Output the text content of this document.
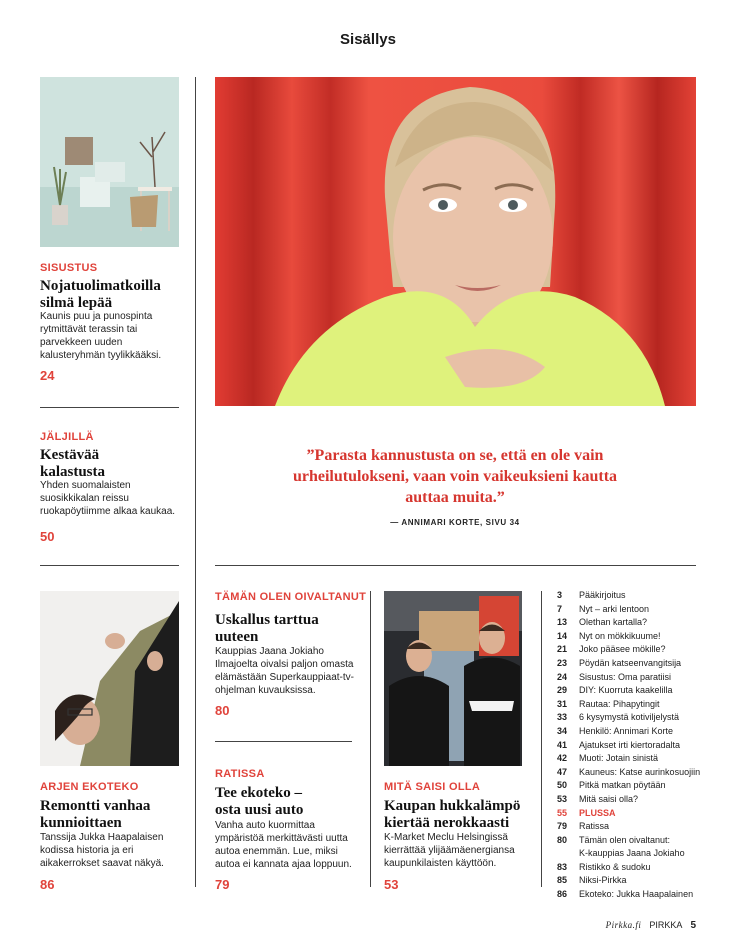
Sisällys
SISUSTUS
Nojatuolimatkoilla silmä lepää
Kaunis puu ja punospinta rytmittävät terassin tai parvekkeen uuden kalusteryhmän tyylikkääksi.
24
JÄLJILLÄ
Kestävää kalastusta
Yhden suomalaisten suosikkikalan reissu ruokapöytiimme alkaa kaukaa.
50
ARJEN EKOTEKO
Remontti vanhaa kunnioittaen
Tanssija Jukka Haapalaisen kodissa historia ja eri aikakerrokset saavat näkyä.
86
”Parasta kannustusta on se, että en ole vain urheilutulokseni, vaan voin vaikeuksieni kautta auttaa muita.”
— ANNIMARI KORTE, SIVU 34
TÄMÄN OLEN OIVALTANUT
Uskallus tarttua uuteen
Kauppias Jaana Jokiaho Ilmajoelta oivalsi paljon omasta elämästään Superkauppiaat-tv-ohjelman kuvauksissa.
80
RATISSA
Tee ekoteko – osta uusi auto
Vanha auto kuormittaa ympäristöä merkittävästi uutta autoa enemmän. Lue, miksi autoa ei kannata ajaa loppuun.
79
MITÄ SAISI OLLA
Kaupan hukkalämpö kiertää nerokkaasti
K-Market Meclu Helsingissä kierrättää ylijäämäenergiansa kaupunkilaisten käyttöön.
53
3	Pääkirjoitus
7	Nyt – arki lentoon
13	Olethan kartalla?
14	Nyt on mökkikuume!
21	Joko pääsee mökille?
23	Pöydän katseenvangitsija
24	Sisustus: Oma paratiisi
29	DIY: Kuorruta kaakelilla
31	Rautaa: Pihapytingit
33	6 kysymystä kotiviljelystä
34	Henkilö: Annimari Korte
41	Ajatukset irti kiertoradalta
42	Muoti: Jotain sinistä
47	Kauneus: Katse aurinkosuojiin
50	Pitkä matkan pöytään
53	Mitä saisi olla?
55	PLUSSA
79	Ratissa
80	Tämän olen oivaltanut:
K-kauppias Jaana Jokiaho
83	Ristikko & sudoku
85	Niksi-Pirkka
86	Ekoteko: Jukka Haapalainen
Pirkka.fi PIRKKA 5
